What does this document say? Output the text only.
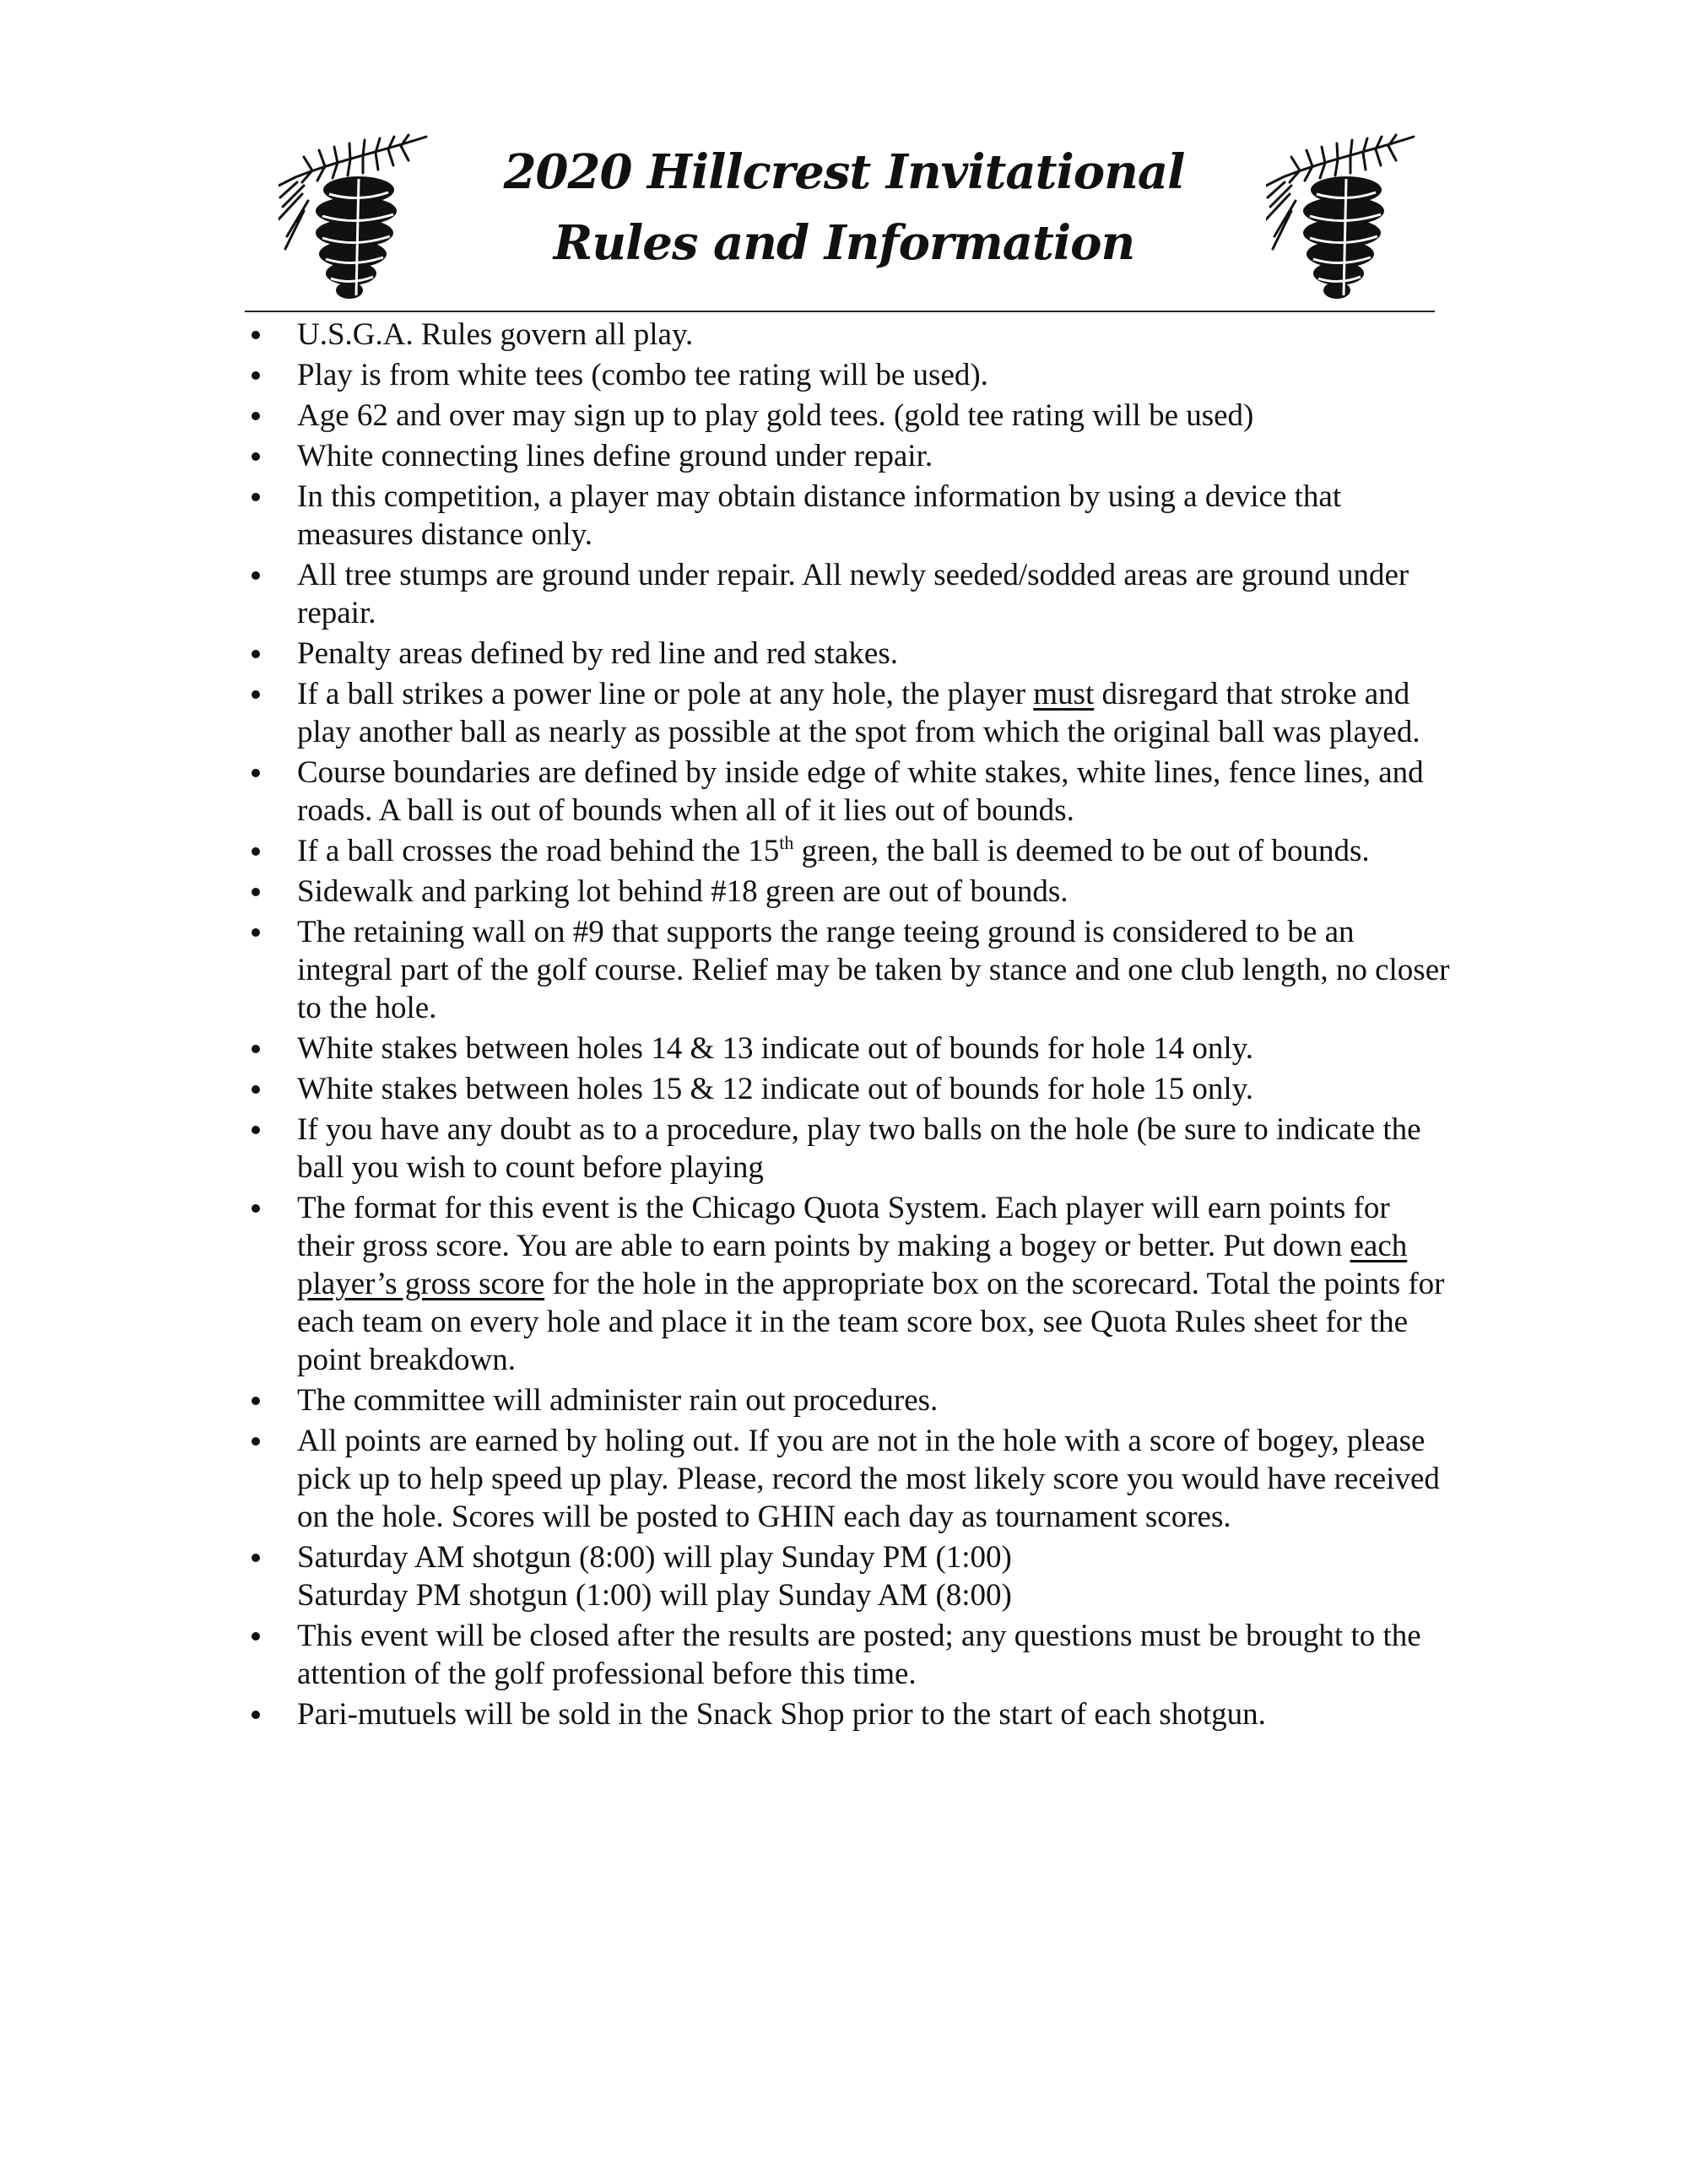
2020 Hillcrest Invitational
Rules and Information
U.S.G.A. Rules govern all play.
Play is from white tees (combo tee rating will be used).
Age 62 and over may sign up to play gold tees. (gold tee rating will be used)
White connecting lines define ground under repair.
In this competition, a player may obtain distance information by using a device that measures distance only.
All tree stumps are ground under repair. All newly seeded/sodded areas are ground under repair.
Penalty areas defined by red line and red stakes.
If a ball strikes a power line or pole at any hole, the player must disregard that stroke and play another ball as nearly as possible at the spot from which the original ball was played.
Course boundaries are defined by inside edge of white stakes, white lines, fence lines, and roads. A ball is out of bounds when all of it lies out of bounds.
If a ball crosses the road behind the 15th green, the ball is deemed to be out of bounds.
Sidewalk and parking lot behind #18 green are out of bounds.
The retaining wall on #9 that supports the range teeing ground is considered to be an integral part of the golf course. Relief may be taken by stance and one club length, no closer to the hole.
White stakes between holes 14 & 13 indicate out of bounds for hole 14 only.
White stakes between holes 15 & 12 indicate out of bounds for hole 15 only.
If you have any doubt as to a procedure, play two balls on the hole (be sure to indicate the ball you wish to count before playing
The format for this event is the Chicago Quota System. Each player will earn points for their gross score. You are able to earn points by making a bogey or better. Put down each player’s gross score for the hole in the appropriate box on the scorecard. Total the points for each team on every hole and place it in the team score box, see Quota Rules sheet for the point breakdown.
The committee will administer rain out procedures.
All points are earned by holing out. If you are not in the hole with a score of bogey, please pick up to help speed up play. Please, record the most likely score you would have received on the hole. Scores will be posted to GHIN each day as tournament scores.
Saturday AM shotgun (8:00) will play Sunday PM (1:00)
Saturday PM shotgun (1:00) will play Sunday AM (8:00)
This event will be closed after the results are posted; any questions must be brought to the attention of the golf professional before this time.
Pari-mutuels will be sold in the Snack Shop prior to the start of each shotgun.
